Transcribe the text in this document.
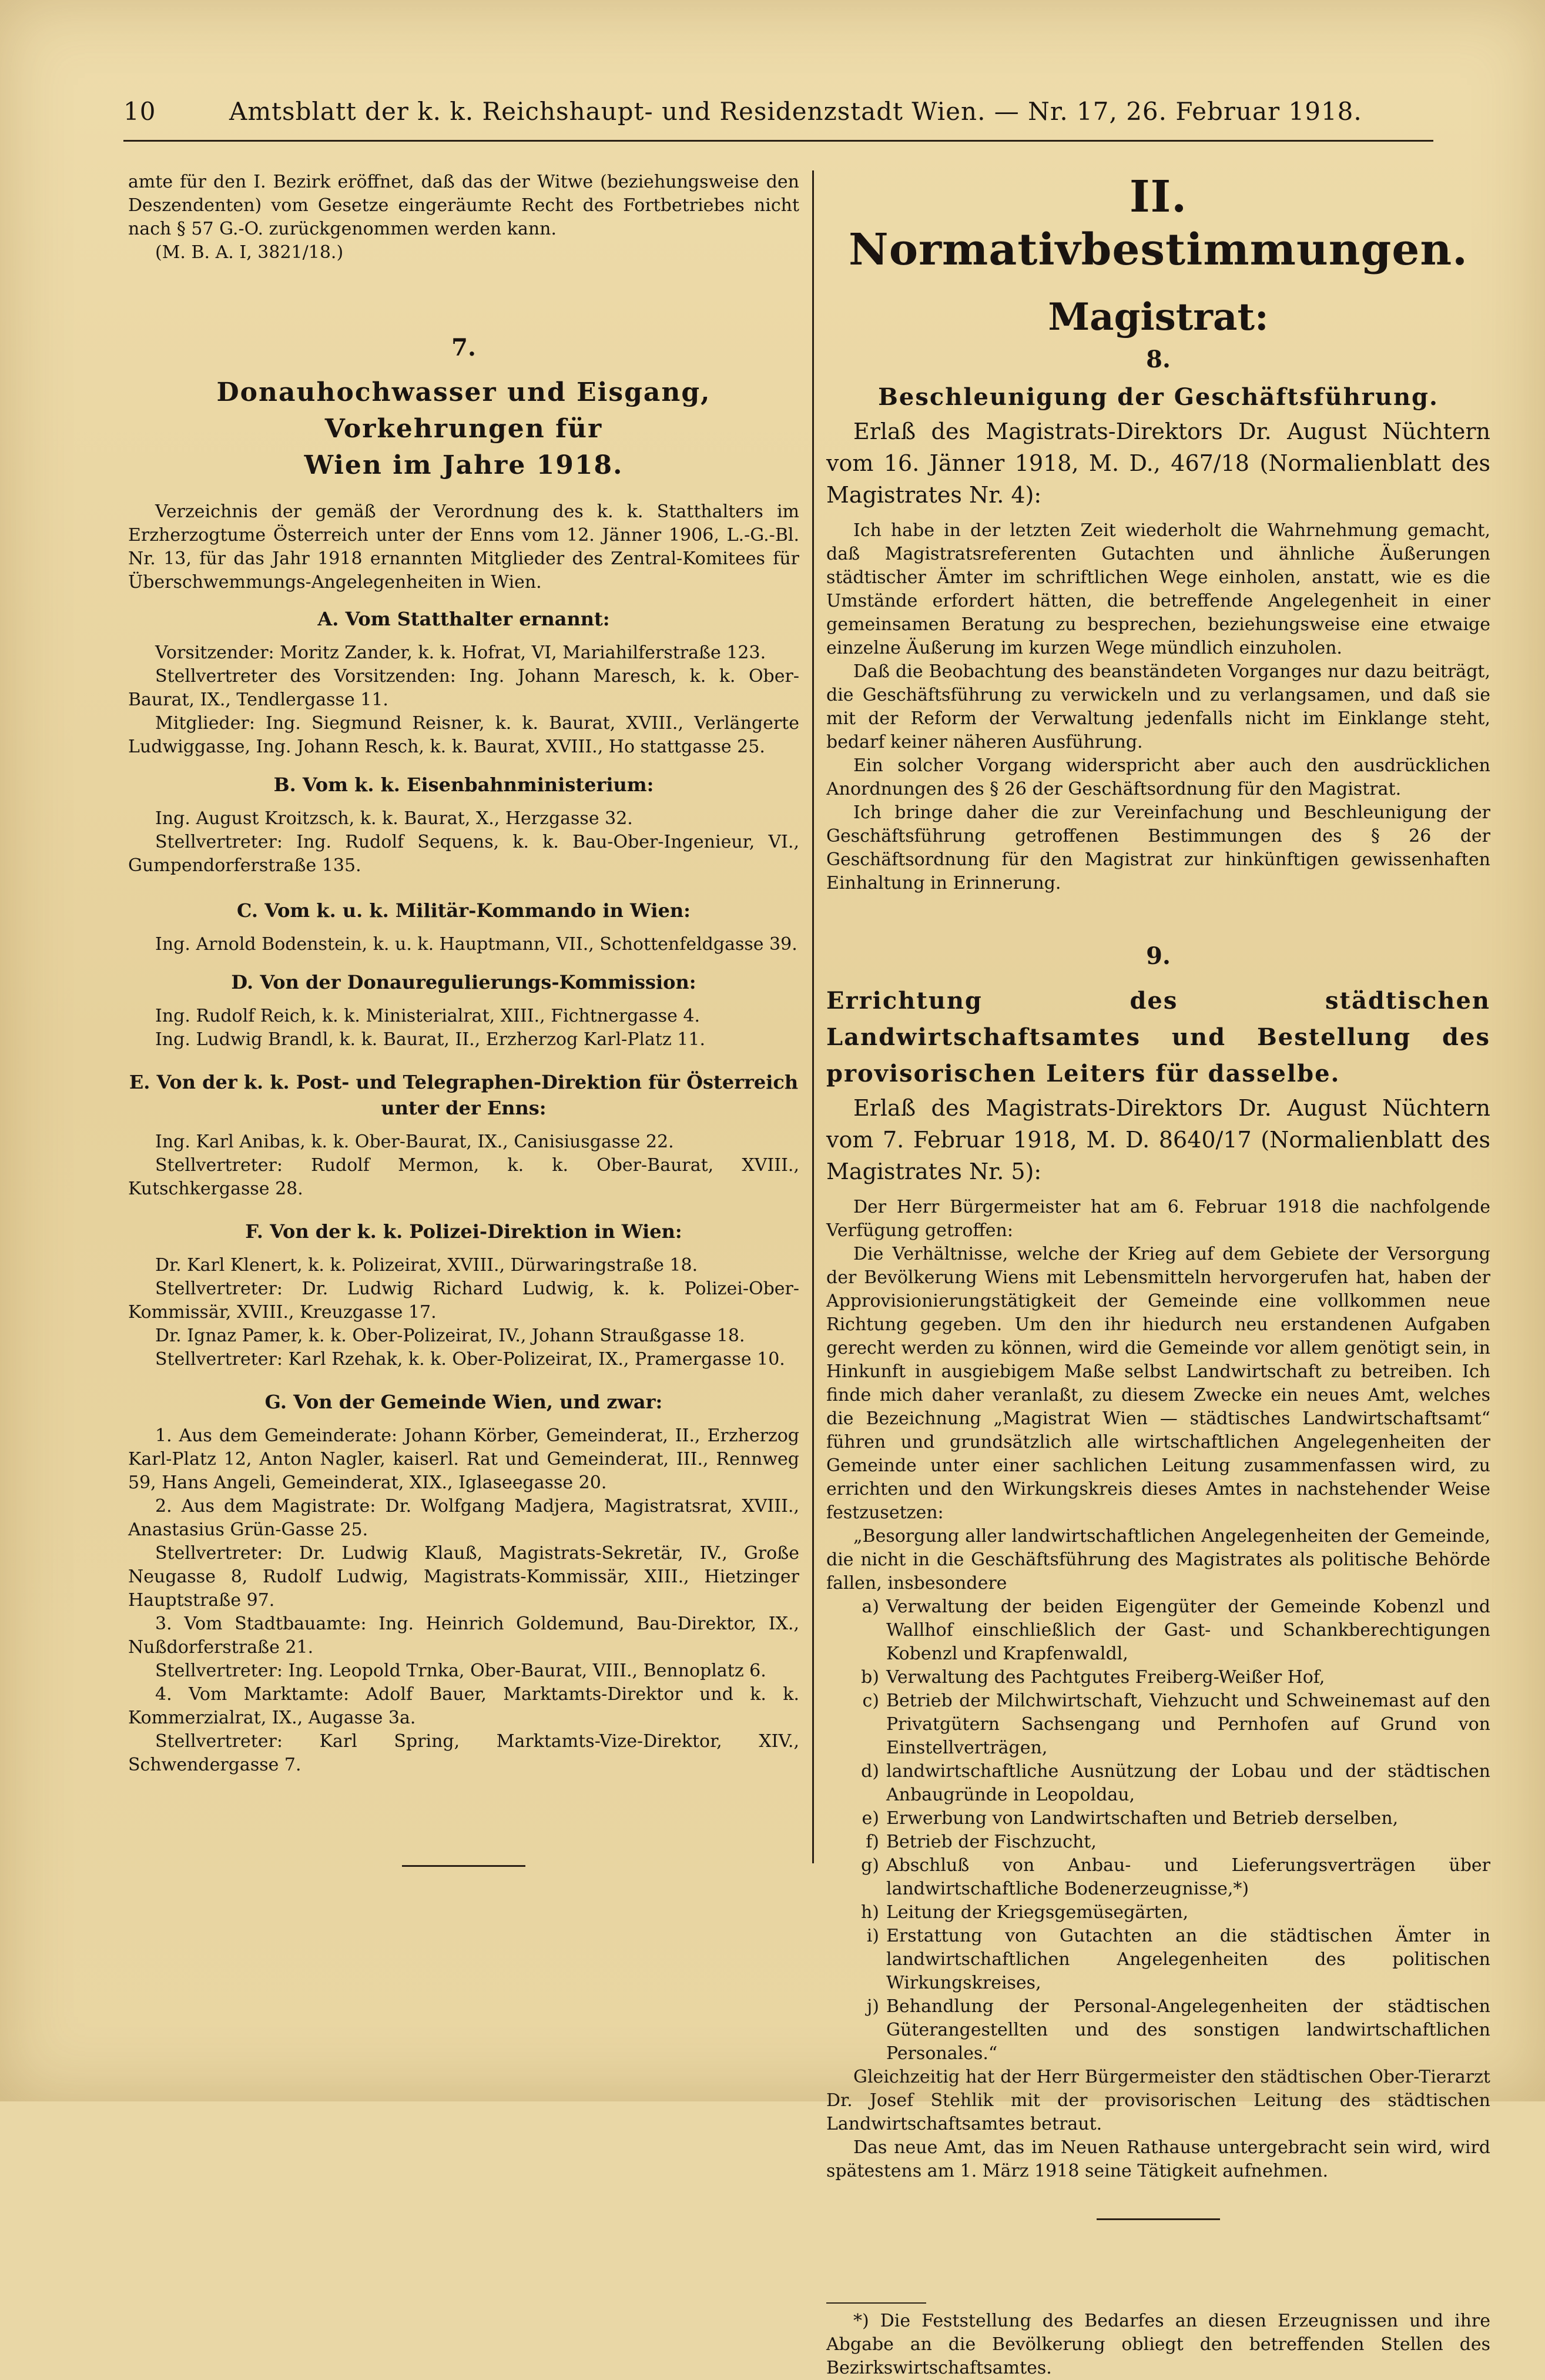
10	Amtsblatt der k. k. Reichshaupt- und Residenzstadt Wien. — Nr. 17, 26. Februar 1918.

amte für den I. Bezirk eröffnet, daß das der Witwe (beziehungsweise den Deszendenten) vom Gesetze eingeräumte Recht des Fortbetriebes nicht nach § 57 G.-O. zurückgenommen werden kann.

(M. B. A. I, 3821/18.)

7.
Donauhochwasser und Eisgang, Vorkehrungen für
Wien im Jahre 1918.

Verzeichnis der gemäß der Verordnung des k. k. Statthalters im Erzherzogtume Österreich unter der Enns vom 12. Jänner 1906, L.-G.-Bl. Nr. 13, für das Jahr 1918 ernannten Mitglieder des Zentral-Komitees für Überschwemmungs-Angelegenheiten in Wien.

A. Vom Statthalter ernannt:

Vorsitzender: Moritz Zander, k. k. Hofrat, VI, Mariahilferstraße 123.

Stellvertreter des Vorsitzenden: Ing. Johann Maresch, k. k. Ober-Baurat, IX., Tendlergasse 11.

Mitglieder: Ing. Siegmund Reisner, k. k. Baurat, XVIII., Verlängerte Ludwiggasse, Ing. Johann Resch, k. k. Baurat, XVIII., Ho stattgasse 25.

B. Vom k. k. Eisenbahnministerium:

Ing. August Kroitzsch, k. k. Baurat, X., Herzgasse 32.

Stellvertreter: Ing. Rudolf Sequens, k. k. Bau-Ober-Ingenieur, VI., Gumpendorferstraße 135.

C. Vom k. u. k. Militär-Kommando in Wien:

Ing. Arnold Bodenstein, k. u. k. Hauptmann, VII., Schottenfeldgasse 39.

D. Von der Donauregulierungs-Kommission:

Ing. Rudolf Reich, k. k. Ministerialrat, XIII., Fichtnergasse 4.

Ing. Ludwig Brandl, k. k. Baurat, II., Erzherzog Karl-Platz 11.

E. Von der k. k. Post- und Telegraphen-Direktion für Österreich unter der Enns:

Ing. Karl Anibas, k. k. Ober-Baurat, IX., Canisiusgasse 22.

Stellvertreter: Rudolf Mermon, k. k. Ober-Baurat, XVIII., Kutschkergasse 28.

F. Von der k. k. Polizei-Direktion in Wien:

Dr. Karl Klenert, k. k. Polizeirat, XVIII., Dürwaringstraße 18.

Stellvertreter: Dr. Ludwig Richard Ludwig, k. k. Polizei-Ober-Kommissär, XVIII., Kreuzgasse 17.

Dr. Ignaz Pamer, k. k. Ober-Polizeirat, IV., Johann Straußgasse 18.

Stellvertreter: Karl Rzehak, k. k. Ober-Polizeirat, IX., Pramergasse 10.

G. Von der Gemeinde Wien, und zwar:

1. Aus dem Gemeinderate: Johann Körber, Gemeinderat, II., Erzherzog Karl-Platz 12, Anton Nagler, kaiserl. Rat und Gemeinderat, III., Rennweg 59, Hans Angeli, Gemeinderat, XIX., Iglaseegasse 20.

2. Aus dem Magistrate: Dr. Wolfgang Madjera, Magistratsrat, XVIII., Anastasius Grün-Gasse 25.

Stellvertreter: Dr. Ludwig Klauß, Magistrats-Sekretär, IV., Große Neugasse 8, Rudolf Ludwig, Magistrats-Kommissär, XIII., Hietzinger Hauptstraße 97.

3. Vom Stadtbauamte: Ing. Heinrich Goldemund, Bau-Direktor, IX., Nußdorferstraße 21.

Stellvertreter: Ing. Leopold Trnka, Ober-Baurat, VIII., Bennoplatz 6.

4. Vom Marktamte: Adolf Bauer, Marktamts-Direktor und k. k. Kommerzialrat, IX., Augasse 3a.

Stellvertreter: Karl Spring, Marktamts-Vize-Direktor, XIV., Schwendergasse 7.

II. Normativbestimmungen.
Magistrat:
8.
Beschleunigung der Geschäftsführung.

Erlaß des Magistrats-Direktors Dr. August Nüchtern vom 16. Jänner 1918, M. D., 467/18 (Normalienblatt des Magistrates Nr. 4):

Ich habe in der letzten Zeit wiederholt die Wahrnehmung gemacht, daß Magistratsreferenten Gutachten und ähnliche Äußerungen städtischer Ämter im schriftlichen Wege einholen, anstatt, wie es die Umstände erfordert hätten, die betreffende Angelegenheit in einer gemeinsamen Beratung zu besprechen, beziehungsweise eine etwaige einzelne Äußerung im kurzen Wege mündlich einzuholen.

Daß die Beobachtung des beanständeten Vorganges nur dazu beiträgt, die Geschäftsführung zu verwickeln und zu verlangsamen, und daß sie mit der Reform der Verwaltung jedenfalls nicht im Einklange steht, bedarf keiner näheren Ausführung.

Ein solcher Vorgang widerspricht aber auch den ausdrücklichen Anordnungen des § 26 der Geschäftsordnung für den Magistrat.

Ich bringe daher die zur Vereinfachung und Beschleunigung der Geschäftsführung getroffenen Bestimmungen des § 26 der Geschäftsordnung für den Magistrat zur hinkünftigen gewissenhaften Einhaltung in Erinnerung.

9.
Errichtung des städtischen Landwirtschaftsamtes und Bestellung des provisorischen Leiters für dasselbe.

Erlaß des Magistrats-Direktors Dr. August Nüchtern vom 7. Februar 1918, M. D. 8640/17 (Normalienblatt des Magistrates Nr. 5):

Der Herr Bürgermeister hat am 6. Februar 1918 die nachfolgende Verfügung getroffen:

Die Verhältnisse, welche der Krieg auf dem Gebiete der Versorgung der Bevölkerung Wiens mit Lebensmitteln hervorgerufen hat, haben der Approvisionierungstätigkeit der Gemeinde eine vollkommen neue Richtung gegeben. Um den ihr hiedurch neu erstandenen Aufgaben gerecht werden zu können, wird die Gemeinde vor allem genötigt sein, in Hinkunft in ausgiebigem Maße selbst Landwirtschaft zu betreiben. Ich finde mich daher veranlaßt, zu diesem Zwecke ein neues Amt, welches die Bezeichnung „Magistrat Wien — städtisches Landwirtschaftsamt“ führen und grundsätzlich alle wirtschaftlichen Angelegenheiten der Gemeinde unter einer sachlichen Leitung zusammenfassen wird, zu errichten und den Wirkungskreis dieses Amtes in nachstehender Weise festzusetzen:

„Besorgung aller landwirtschaftlichen Angelegenheiten der Gemeinde, die nicht in die Geschäftsführung des Magistrates als politische Behörde fallen, insbesondere

a) Verwaltung der beiden Eigengüter der Gemeinde Kobenzl und Wallhof einschließlich der Gast- und Schankberechtigungen Kobenzl und Krapfenwaldl,
b) Verwaltung des Pachtgutes Freiberg-Weißer Hof,
c) Betrieb der Milchwirtschaft, Viehzucht und Schweinemast auf den Privatgütern Sachsengang und Pernhofen auf Grund von Einstellverträgen,
d) landwirtschaftliche Ausnützung der Lobau und der städtischen Anbaugründe in Leopoldau,
e) Erwerbung von Landwirtschaften und Betrieb derselben,
f) Betrieb der Fischzucht,
g) Abschluß von Anbau- und Lieferungsverträgen über landwirtschaftliche Bodenerzeugnisse,*)
h) Leitung der Kriegsgemüsegärten,
i) Erstattung von Gutachten an die städtischen Ämter in landwirtschaftlichen Angelegenheiten des politischen Wirkungskreises,
j) Behandlung der Personal-Angelegenheiten der städtischen Güterangestellten und des sonstigen landwirtschaftlichen Personales.“

Gleichzeitig hat der Herr Bürgermeister den städtischen Ober-Tierarzt Dr. Josef Stehlik mit der provisorischen Leitung des städtischen Landwirtschaftsamtes betraut.

Das neue Amt, das im Neuen Rathause untergebracht sein wird, wird spätestens am 1. März 1918 seine Tätigkeit aufnehmen.

*) Die Feststellung des Bedarfes an diesen Erzeugnissen und ihre Abgabe an die Bevölkerung obliegt den betreffenden Stellen des Bezirkswirtschaftsamtes.
